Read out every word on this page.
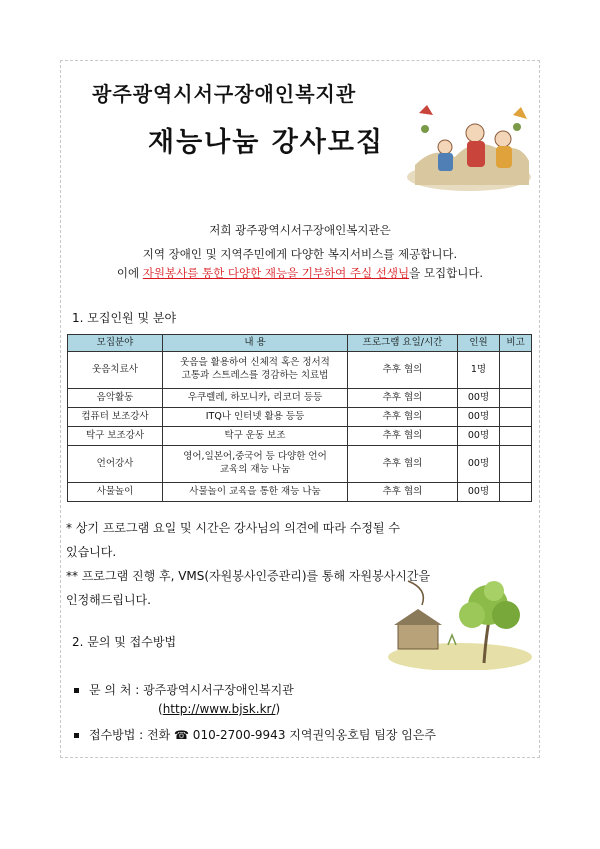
광주광역시서구장애인복지관
재능나눔 강사모집
저희 광주광역시서구장애인복지관은
지역 장애인 및 지역주민에게 다양한 복지서비스를 제공합니다.
이에 자원봉사를 통한 다양한 재능을 기부하여 주실 선생님을 모집합니다.
1. 모집인원 및 분야
모집분야	내 용	프로그램 요일/시간	인원	비고
웃음치료사	웃음을 활용하여 신체적 혹은 정서적
고통과 스트레스를 경감하는 치료법	추후 협의	1명	
음악활동	우쿠렐레, 하모니카, 리코더 등등	추후 협의	00명	
컴퓨터 보조강사	ITQ나 인터넷 활용 등등	추후 협의	00명	
탁구 보조강사	탁구 운동 보조	추후 협의	00명	
언어강사	영어,일본어,중국어 등 다양한 언어
교육의 재능 나눔	추후 협의	00명	
사물놀이	사물놀이 교육을 통한 재능 나눔	추후 협의	00명	
* 상기 프로그램 요일 및 시간은 강사님의 의견에 따라 수정될 수
있습니다.
** 프로그램 진행 후, VMS(자원봉사인증관리)를 통해 자원봉사시간을
인정해드립니다.
2. 문의 및 접수방법
문 의 처 : 광주광역시서구장애인복지관
(http://www.bjsk.kr/)
접수방법 : 전화 ☎ 010-2700-9943 지역권익옹호팀 팀장 임은주
